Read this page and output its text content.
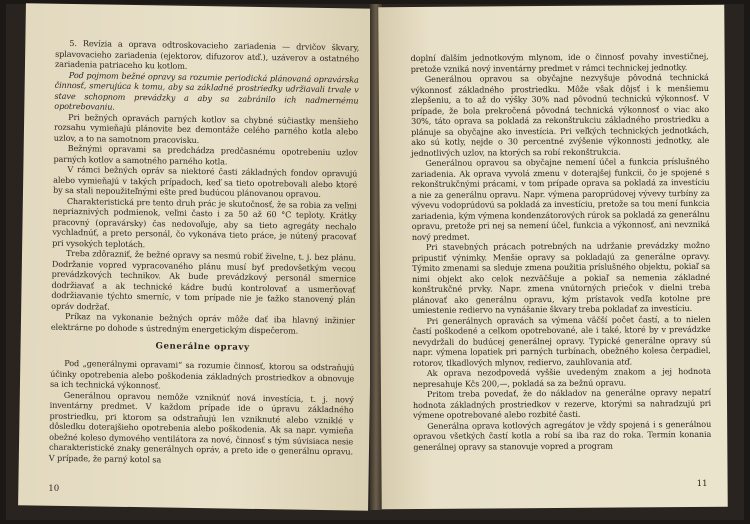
5. Revízia a oprava odtroskovacieho zariadenia — drvičov škvary, splavovacieho zariadenia (ejektorov, difuzorov atď.), uzáverov a ostatného zariadenia patriaceho ku kotlom.

Pod pojmom bežné opravy sa rozumie periodická plánovaná opravárska činnosť, smerujúca k tomu, aby sa základné prostriedky udržiavali trvale v stave schopnom prevádzky a aby sa zabránilo ich nadmernému opotrebovaniu.

Pri bežných opravách parných kotlov sa chybné súčiastky menšieho rozsahu vymieňajú plánovite bez demontáže celého parného kotla alebo uzlov, a to na samotnom pracovisku.

Bežnými opravami sa predchádza predčasnému opotrebeniu uzlov parných kotlov a samotného parného kotla.

V rámci bežných opráv sa niektoré časti základných fondov opravujú alebo vymieňajú v takých prípadoch, keď sa tieto opotrebovali alebo ktoré by sa stali nepoužiteľnými ešte pred budúcou plánovanou opravou.

Charakteristická pre tento druh prác je skutočnosť, že sa robia za veľmi nepriaznivých podmienok, veľmi často i za 50 až 60 °C teploty. Krátky pracovný (opravársky) čas nedovoľuje, aby sa tieto agregáty nechalo vychladnúť, a preto personál, čo vykonáva tieto práce, je nútený pracovať pri vysokých teplotách.

Treba zdôrazniť, že bežné opravy sa nesmú robiť živelne, t. j. bez plánu. Dodržanie vopred vypracovaného plánu musí byť predovšetkým vecou prevádzkových technikov. Ak bude prevádzkový personál smernice dodržiavať a ak technické kádre budú kontrolovať a usmerňovať dodržiavanie týchto smerníc, v tom prípade nie je ťažko stanovený plán opráv dodržať.

Príkaz na vykonanie bežných opráv môže dať iba hlavný inžinier elektrárne po dohode s ústredným energetickým dispečerom.

Generálne opravy

Pod „generálnymi opravami“ sa rozumie činnosť, ktorou sa odstraňujú účinky opotrebenia alebo poškodenia základných prostriedkov a obnovuje sa ich technická výkonnosť.

Generálnou opravou nemôže vzniknúť nová investícia, t. j. nový inventárny predmet. V každom prípade ide o úpravu základného prostriedku, pri ktorom sa odstraňujú len vzniknuté alebo vzniklé v dôsledku doterajšieho opotrebenia alebo poškodenia. Ak sa napr. vymieňa obežné koleso dymového ventilátora za nové, činnosť s tým súvisiaca nesie charakteristické znaky generálnych opráv, a preto ide o generálnu opravu. V prípade, že parný kotol sa

10

doplní ďalším jednotkovým mlynom, ide o činnosť povahy investičnej, pretože vzniká nový inventárny predmet v rámci technickej jednotky.

Generálnou opravou sa obyčajne nezvyšuje pôvodná technická výkonnosť základného prostriedku. Môže však dôjsť i k menšiemu zlepšeniu, a to až do výšky 30% nad pôvodnú technickú výkonnosť. V prípade, že bola prekročená pôvodná technická výkonnosť o viac ako 30%, táto oprava sa pokladá za rekonštrukciu základného prostriedku a plánuje sa obyčajne ako investícia. Pri veľkých technických jednotkách, ako sú kotly, nejde o 30 percentné zvýšenie výkonnosti jednotky, ale jednotlivých uzlov, na ktorých sa robí rekonštrukcia.

Generálnou opravou sa obyčajne nemení účel a funkcia príslušného zariadenia. Ak oprava vyvolá zmenu v doterajšej funkcii, čo je spojené s rekonštrukčnými prácami, v tom prípade oprava sa pokladá za investíciu a nie za generálnu opravu. Napr. výmena paroprúdovej vývevy turbíny za vývevu vodoprúdovú sa pokladá za investíciu, pretože sa tou mení funkcia zariadenia, kým výmena kondenzátorových rúrok sa pokladá za generálnu opravu, pretože pri nej sa nemení účel, funkcia a výkonnosť, ani nevzniká nový predmet.

Pri stavebných prácach potrebných na udržanie prevádzky možno pripustiť výnimky. Menšie opravy sa pokladajú za generálne opravy. Týmito zmenami sa sleduje zmena použitia príslušného objektu, pokiaľ sa nimi objekt ako celok nezväčšuje a pokiaľ sa nemenia základné konštrukčné prvky. Napr. zmena vnútorných priečok v dielni treba plánovať ako generálnu opravu, kým prístavok vedľa kotolne pre umiestenie rediervo na vynášanie škvary treba pokladať za investíciu.

Pri generálnych opravách sa výmena väčší počet častí, a to nielen častí poškodené a celkom opotrebované, ale i také, ktoré by v prevádzke nevydržali do budúcej generálnej opravy. Typické generálne opravy sú napr. výmena lopatiek pri parných turbínach, obežného kolesa čerpadiel, rotorov, tlkadlových mlynov, rediervo, zauhľovania atď.

Ak oprava nezodpovedá vyššie uvedeným znakom a jej hodnota nepresahuje Kčs 200,—, pokladá sa za bežnú opravu.

Pritom treba povedať, že do nákladov na generálne opravy nepatrí hodnota základných prostriedkov v rezerve, ktorými sa nahradzujú pri výmene opotrebované alebo rozbité časti.

Generálna oprava kotlových agregátov je vždy spojená i s generálnou opravou všetkých častí kotla a robí sa iba raz do roka. Termín konania generálnej opravy sa stanovuje vopred a program

11
